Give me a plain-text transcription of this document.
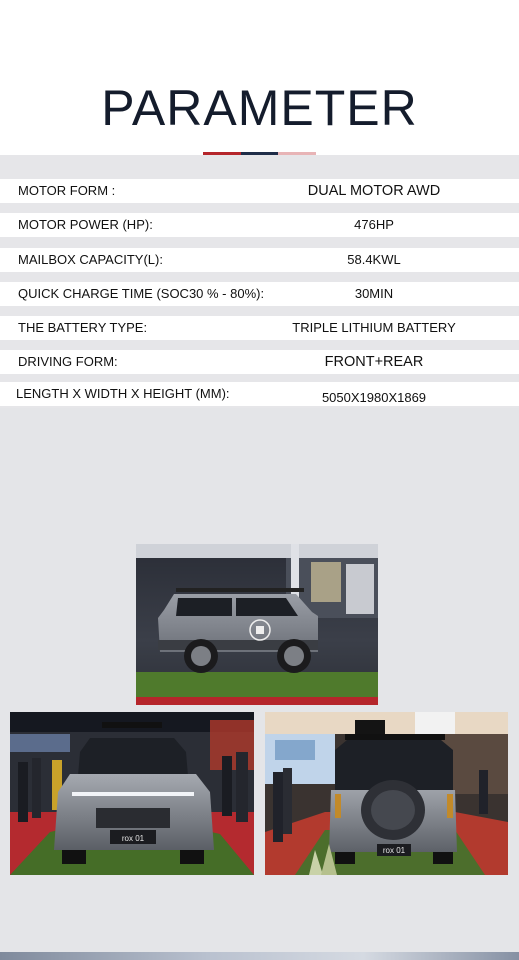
PARAMETER
MOTOR FORM :	DUAL MOTOR AWD
MOTOR POWER (HP):	476HP
MAILBOX CAPACITY(L):	58.4KWL
QUICK CHARGE TIME (SOC30 % - 80%):	30MIN
THE BATTERY TYPE:	TRIPLE LITHIUM BATTERY
DRIVING FORM:	FRONT+REAR
LENGTH X WIDTH X HEIGHT (MM):	5050X1980X1869
rox 01
rox 01
